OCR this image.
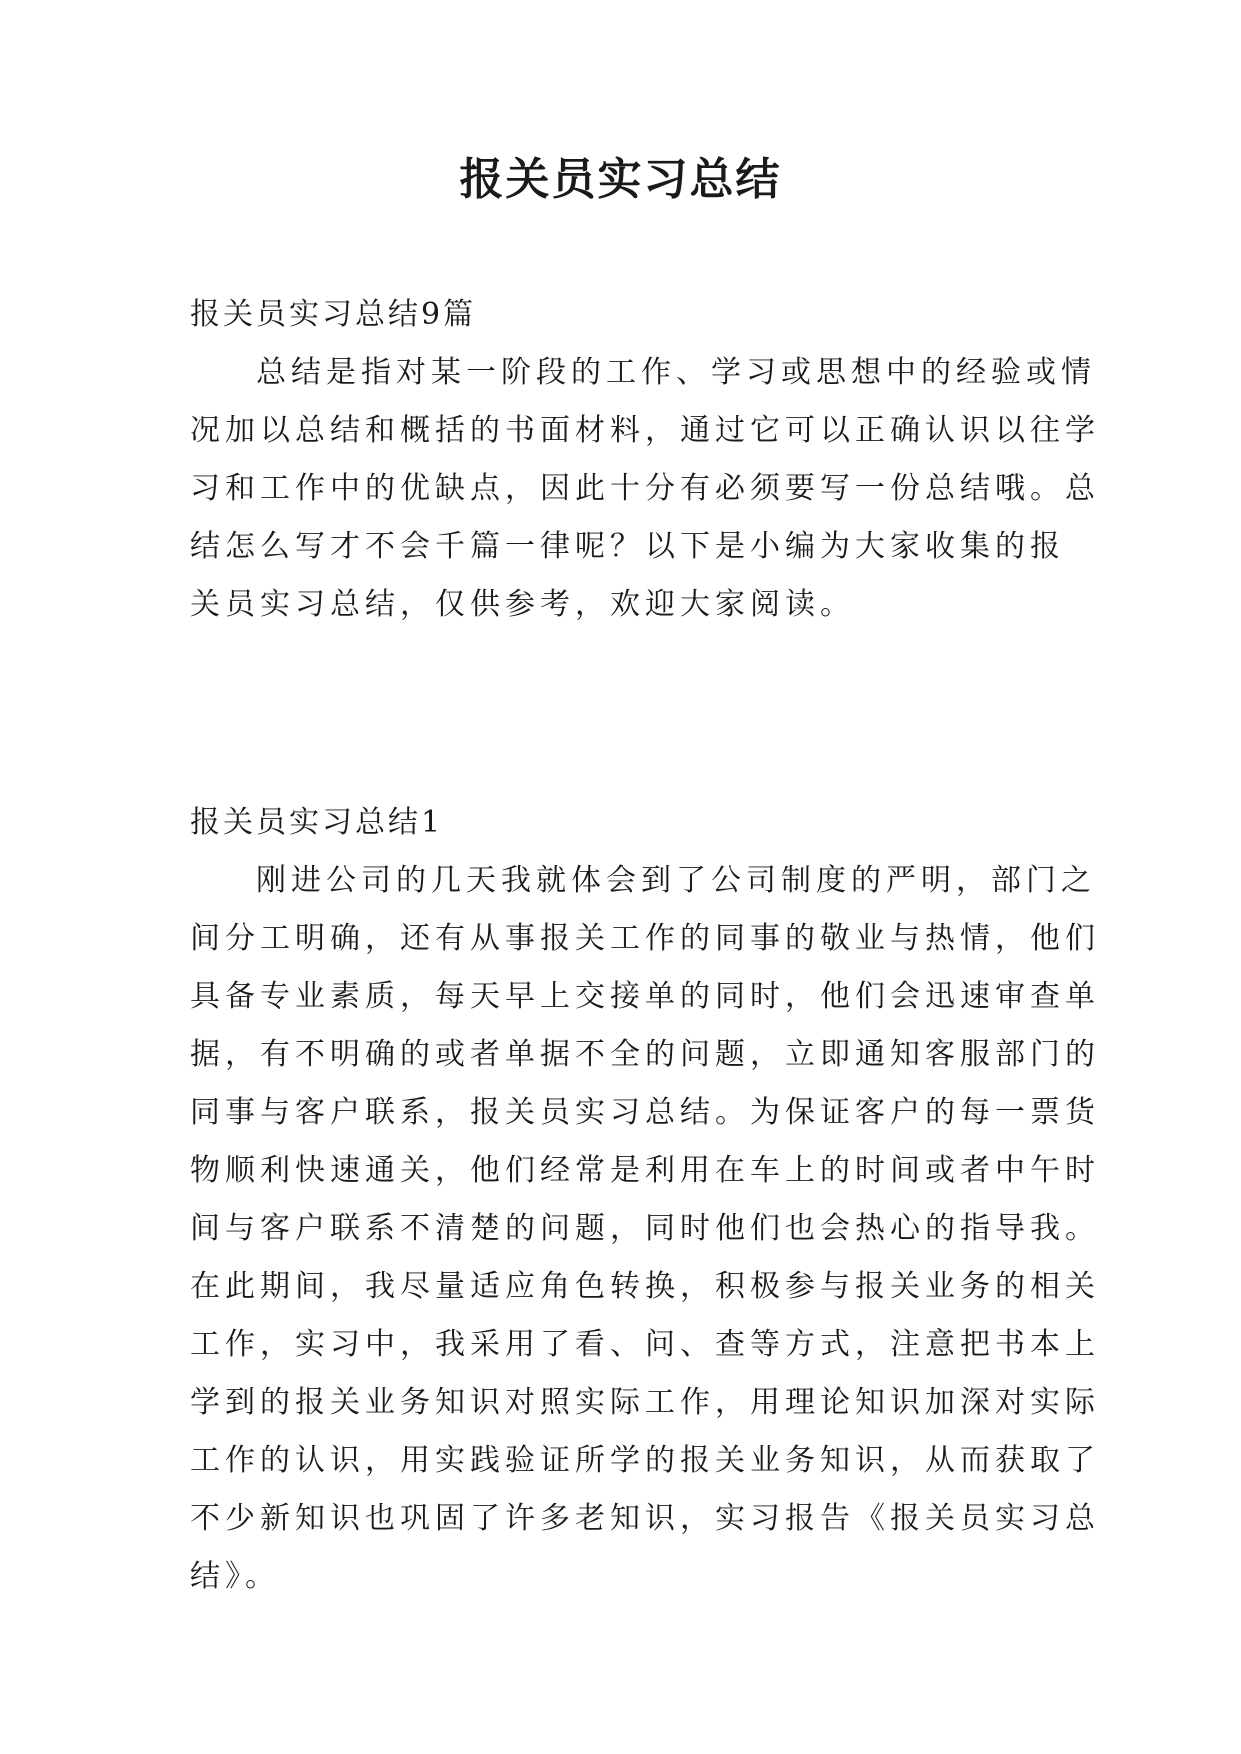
报关员实习总结
报关员实习总结9篇
总结是指对某一阶段的工作、学习或思想中的经验或情
况加以总结和概括的书面材料，通过它可以正确认识以往学
习和工作中的优缺点，因此十分有必须要写一份总结哦。总
结怎么写才不会千篇一律呢？以下是小编为大家收集的报
关员实习总结，仅供参考，欢迎大家阅读。
报关员实习总结1
刚进公司的几天我就体会到了公司制度的严明，部门之
间分工明确，还有从事报关工作的同事的敬业与热情，他们
具备专业素质，每天早上交接单的同时，他们会迅速审查单
据，有不明确的或者单据不全的问题，立即通知客服部门的
同事与客户联系，报关员实习总结。为保证客户的每一票货
物顺利快速通关，他们经常是利用在车上的时间或者中午时
间与客户联系不清楚的问题，同时他们也会热心的指导我。
在此期间，我尽量适应角色转换，积极参与报关业务的相关
工作，实习中，我采用了看、问、查等方式，注意把书本上
学到的报关业务知识对照实际工作，用理论知识加深对实际
工作的认识，用实践验证所学的报关业务知识，从而获取了
不少新知识也巩固了许多老知识，实习报告《报关员实习总
结》。
